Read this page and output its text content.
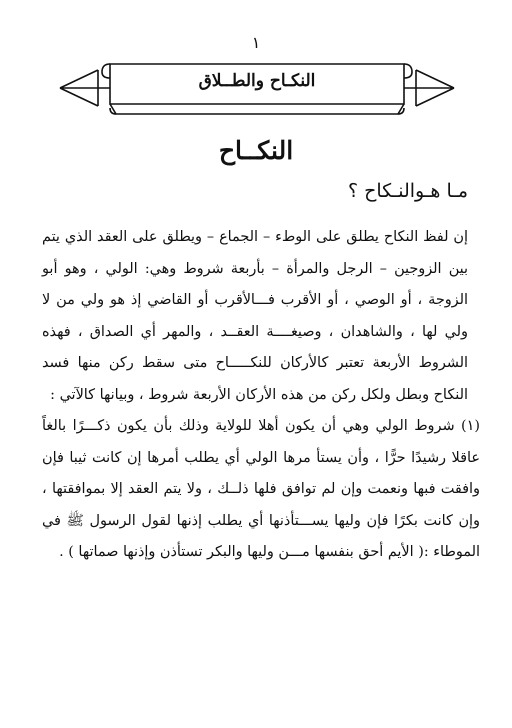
١
النكـاح والطــلاق
النكــاح
مـا هـوالنـكاح ؟

إن لفظ النكاح يطلق على الوطء – الجماع – ويطلق على العقد الذي يتم بين الزوجين – الرجل والمرأة – بأربعة شروط وهي: الولي ، وهو أبو الزوجة ، أو الوصي ، أو الأقرب فـــالأقرب أو القاضي إذ هو ولي من لا ولي لها ، والشاهدان ، وصيغــــة العقــد ، والمهر أي الصداق ، فهذه الشروط الأربعة تعتبر كالأركان للنكـــــاح متى سقط ركن منها فسد النكاح وبطل ولكل ركن من هذه الأركان الأربعة شروط ، وبيانها كالآتي :

(١) شروط الولي وهي أن يكون أهلا للولاية وذلك بأن يكون ذكـــرًا بالغاً عاقلا رشيدًا حرًّا ، وأن يستأ مرها الولي أي يطلب أمرها إن كانت ثيبا فإن وافقت فبها ونعمت وإن لم توافق فلها ذلــك ، ولا يتم العقد إلا بموافقتها ، وإن كانت بكرًا فإن وليها يســـتأذنها أي يطلب إذنها لقول الرسول ﷺ في الموطاء :( الأيم أحق بنفسها مـــن وليها والبكر تستأذن وإذنها صماتها ) .
